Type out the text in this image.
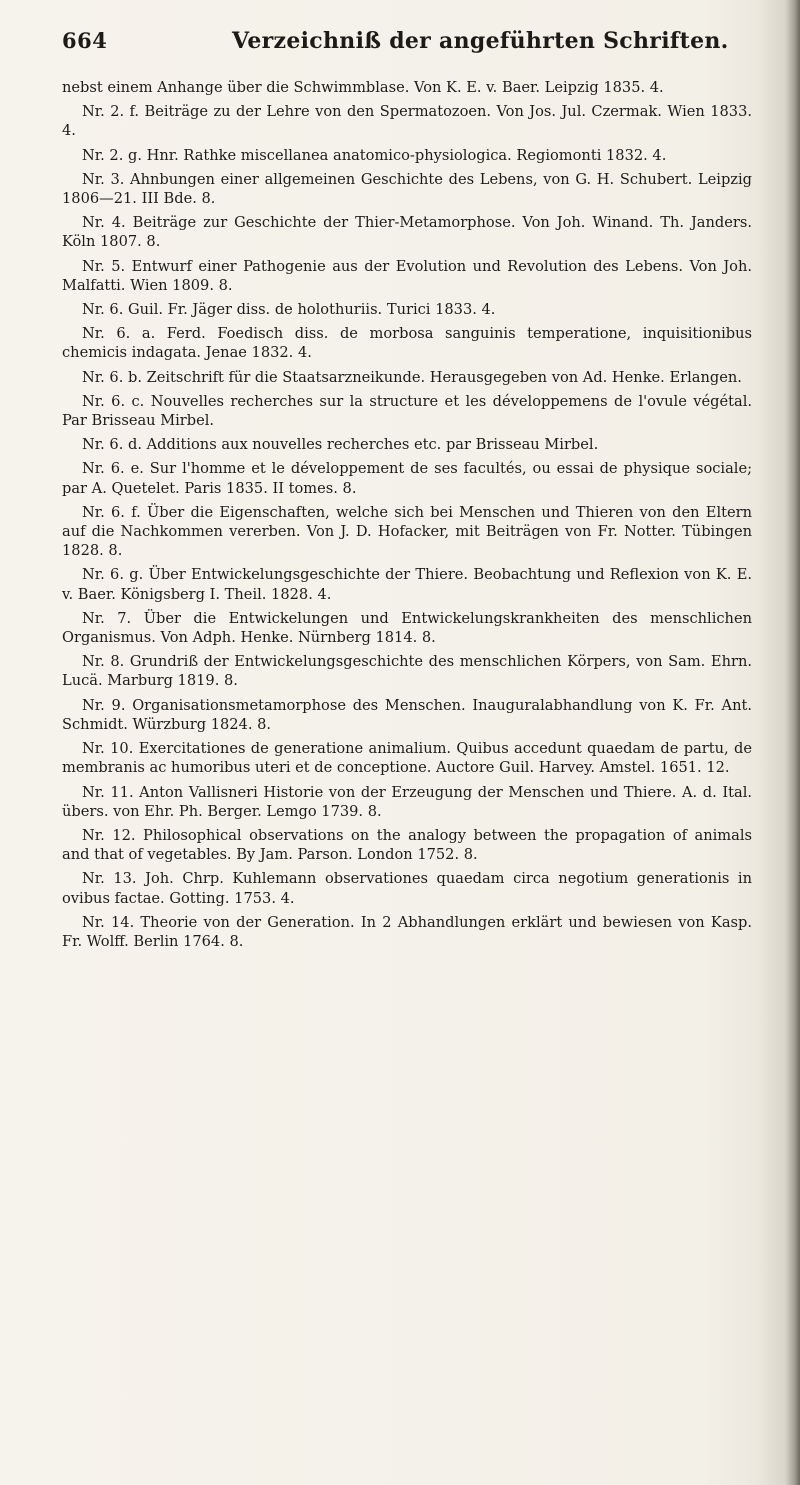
664	Verzeichniß der angeführten Schriften.

nebst einem Anhange über die Schwimmblase. Von K. E. v. Baer. Leipzig 1835. 4.

Nr. 2. f. Beiträge zu der Lehre von den Spermatozoen. Von Jos. Jul. Czermak. Wien 1833. 4.

Nr. 2. g. Hnr. Rathke miscellanea anatomico-physiologica. Regiomonti 1832. 4.

Nr. 3. Ahnbungen einer allgemeinen Geschichte des Lebens, von G. H. Schubert. Leipzig 1806—21. III Bde. 8.

Nr. 4. Beiträge zur Geschichte der Thier-Metamorphose. Von Joh. Winand. Th. Janders. Köln 1807. 8.

Nr. 5. Entwurf einer Pathogenie aus der Evolution und Revolution des Lebens. Von Joh. Malfatti. Wien 1809. 8.

Nr. 6. Guil. Fr. Jäger diss. de holothuriis. Turici 1833. 4.

Nr. 6. a. Ferd. Foedisch diss. de morbosa sanguinis temperatione, inquisitionibus chemicis indagata. Jenae 1832. 4.

Nr. 6. b. Zeitschrift für die Staatsarzneikunde. Herausgegeben von Ad. Henke. Erlangen.

Nr. 6. c. Nouvelles recherches sur la structure et les développemens de l'ovule végétal. Par Brisseau Mirbel.

Nr. 6. d. Additions aux nouvelles recherches etc. par Brisseau Mirbel.

Nr. 6. e. Sur l'homme et le développement de ses facultés, ou essai de physique sociale; par A. Quetelet. Paris 1835. II tomes. 8.

Nr. 6. f. Über die Eigenschaften, welche sich bei Menschen und Thieren von den Eltern auf die Nachkommen vererben. Von J. D. Hofacker, mit Beiträgen von Fr. Notter. Tübingen 1828. 8.

Nr. 6. g. Über Entwickelungsgeschichte der Thiere. Beobachtung und Reflexion von K. E. v. Baer. Königsberg I. Theil. 1828. 4.

Nr. 7. Über die Entwickelungen und Entwickelungskrankheiten des menschlichen Organismus. Von Adph. Henke. Nürnberg 1814. 8.

Nr. 8. Grundriß der Entwickelungsgeschichte des menschlichen Körpers, von Sam. Ehrn. Lucä. Marburg 1819. 8.

Nr. 9. Organisationsmetamorphose des Menschen. Inauguralabhandlung von K. Fr. Ant. Schmidt. Würzburg 1824. 8.

Nr. 10. Exercitationes de generatione animalium. Quibus accedunt quaedam de partu, de membranis ac humoribus uteri et de conceptione. Auctore Guil. Harvey. Amstel. 1651. 12.

Nr. 11. Anton Vallisneri Historie von der Erzeugung der Menschen und Thiere. A. d. Ital. übers. von Ehr. Ph. Berger. Lemgo 1739. 8.

Nr. 12. Philosophical observations on the analogy between the propagation of animals and that of vegetables. By Jam. Parson. London 1752. 8.

Nr. 13. Joh. Chrp. Kuhlemann observationes quaedam circa negotium generationis in ovibus factae. Gotting. 1753. 4.

Nr. 14. Theorie von der Generation. In 2 Abhandlungen erklärt und bewiesen von Kasp. Fr. Wolff. Berlin 1764. 8.
